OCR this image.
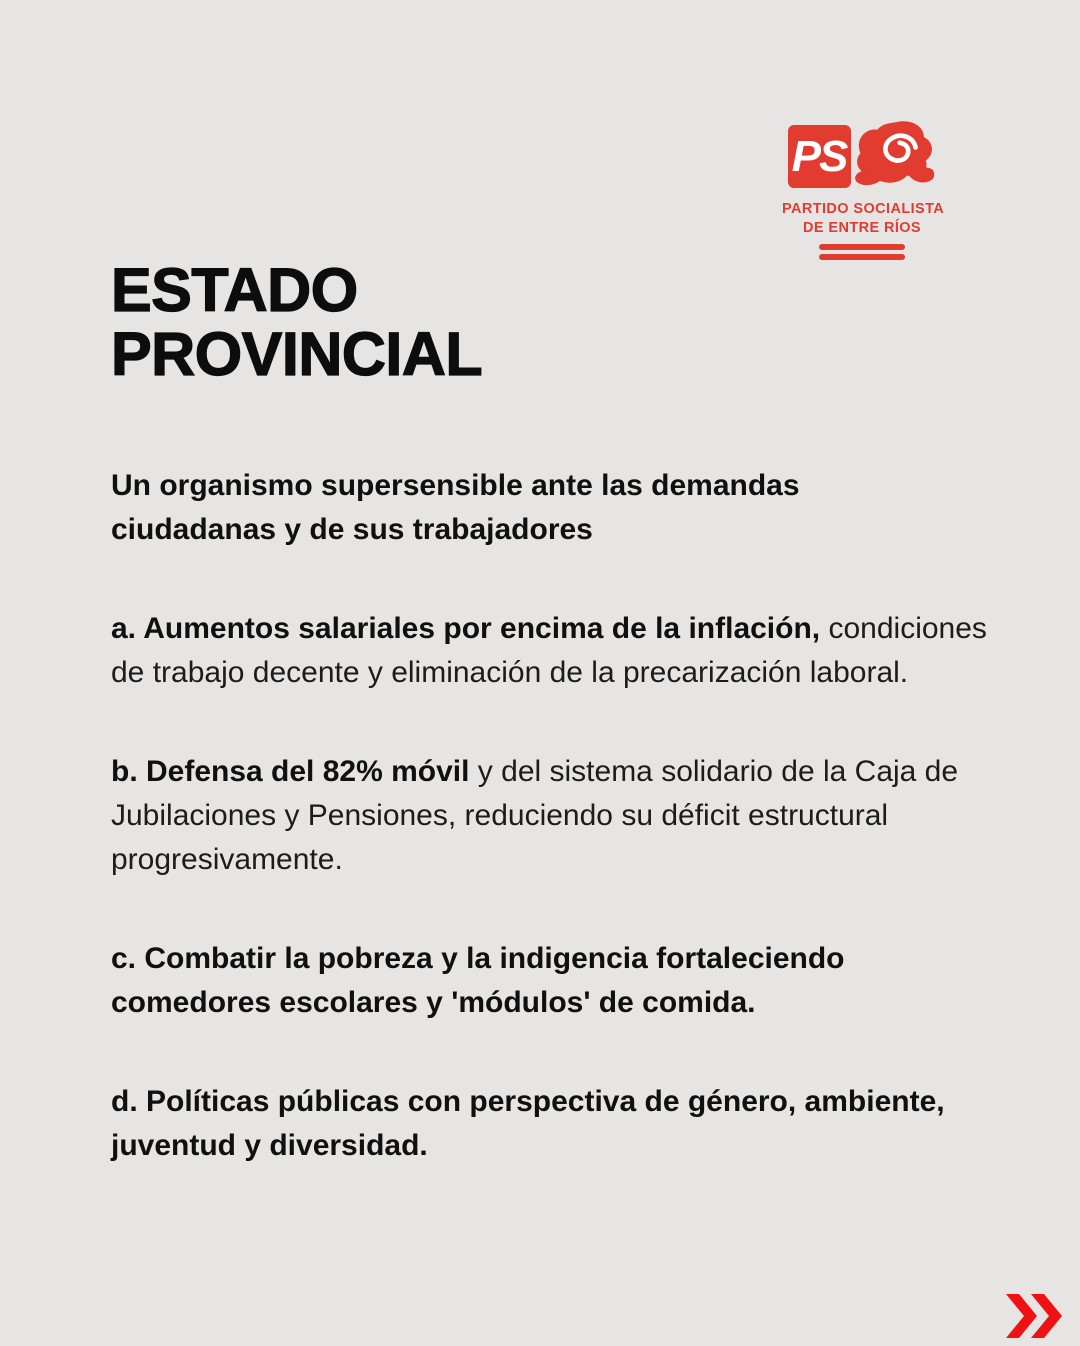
PS
PARTIDO SOCIALISTA
DE ENTRE RÍOS
ESTADO
PROVINCIAL

Un organismo supersensible ante las demandas ciudadanas y de sus trabajadores

a. Aumentos salariales por encima de la inflación, condiciones de trabajo decente y eliminación de la precarización laboral.

b. Defensa del 82% móvil y del sistema solidario de la Caja de Jubilaciones y Pensiones, reduciendo su déficit estructural progresivamente.

c. Combatir la pobreza y la indigencia fortaleciendo comedores escolares y 'módulos' de comida.

d. Políticas públicas con perspectiva de género, ambiente, juventud y diversidad.
